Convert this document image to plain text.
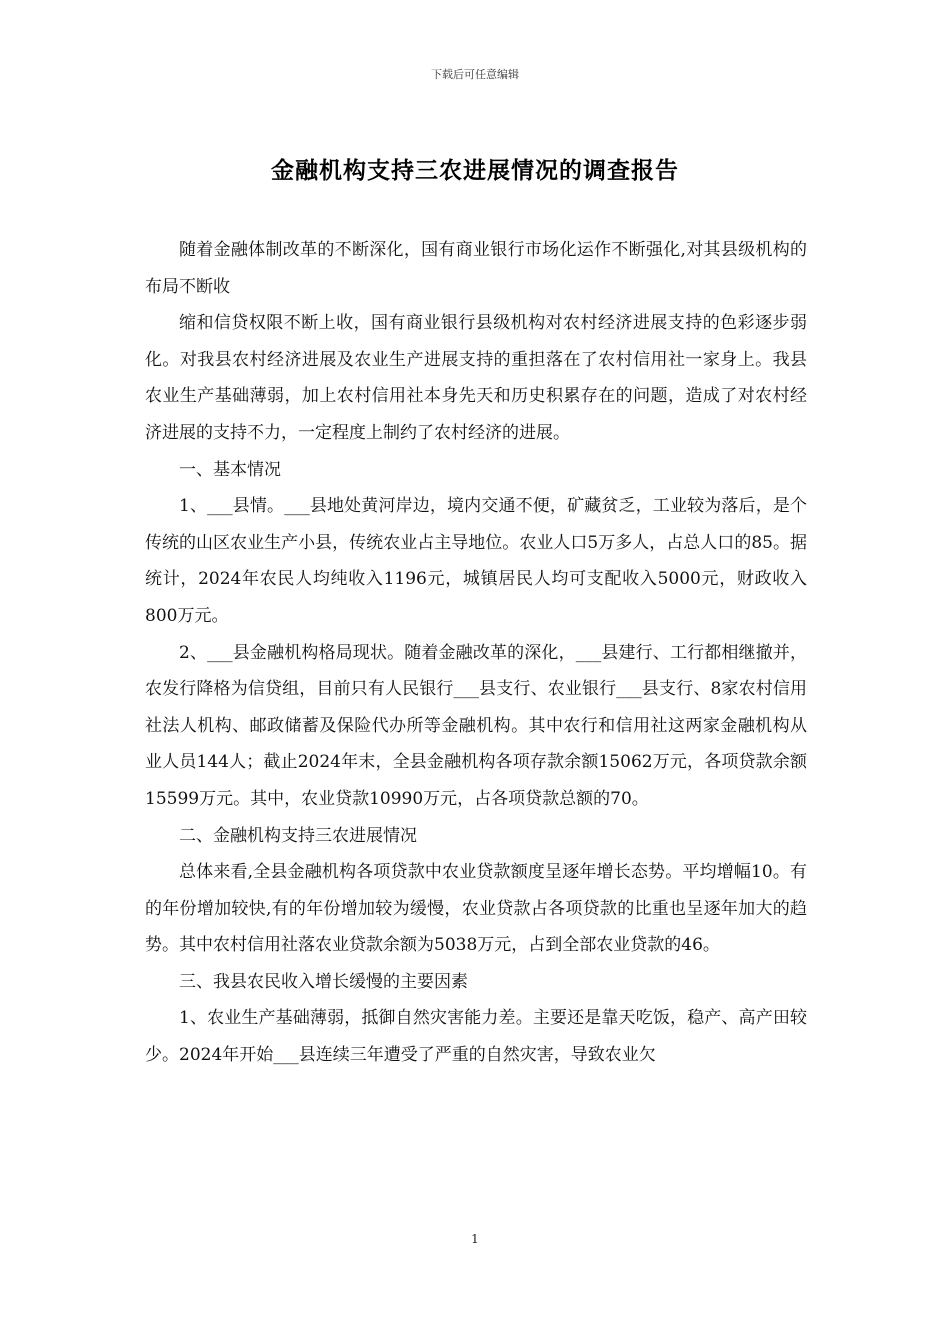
下载后可任意编辑
金融机构支持三农进展情况的调查报告

随着金融体制改革的不断深化，国有商业银行市场化运作不断强化,对其县级机构的布局不断收

缩和信贷权限不断上收，国有商业银行县级机构对农村经济进展支持的色彩逐步弱化。对我县农村经济进展及农业生产进展支持的重担落在了农村信用社一家身上。我县农业生产基础薄弱，加上农村信用社本身先天和历史积累存在的问题，造成了对农村经济进展的支持不力，一定程度上制约了农村经济的进展。

一、基本情况

1、___县情。___县地处黄河岸边，境内交通不便，矿藏贫乏，工业较为落后，是个传统的山区农业生产小县，传统农业占主导地位。农业人口5万多人，占总人口的85。据统计，2024年农民人均纯收入1196元，城镇居民人均可支配收入5000元，财政收入800万元。

2、___县金融机构格局现状。随着金融改革的深化，___县建行、工行都相继撤并，农发行降格为信贷组，目前只有人民银行___县支行、农业银行___县支行、8家农村信用社法人机构、邮政储蓄及保险代办所等金融机构。其中农行和信用社这两家金融机构从业人员144人；截止2024年末，全县金融机构各项存款余额15062万元，各项贷款余额15599万元。其中，农业贷款10990万元，占各项贷款总额的70。

二、金融机构支持三农进展情况

总体来看,全县金融机构各项贷款中农业贷款额度呈逐年增长态势。平均增幅10。有的年份增加较快,有的年份增加较为缓慢，农业贷款占各项贷款的比重也呈逐年加大的趋势。其中农村信用社落农业贷款余额为5038万元，占到全部农业贷款的46。

三、我县农民收入增长缓慢的主要因素

1、农业生产基础薄弱，抵御自然灾害能力差。主要还是靠天吃饭，稳产、高产田较少。2024年开始___县连续三年遭受了严重的自然灾害，导致农业欠

1
